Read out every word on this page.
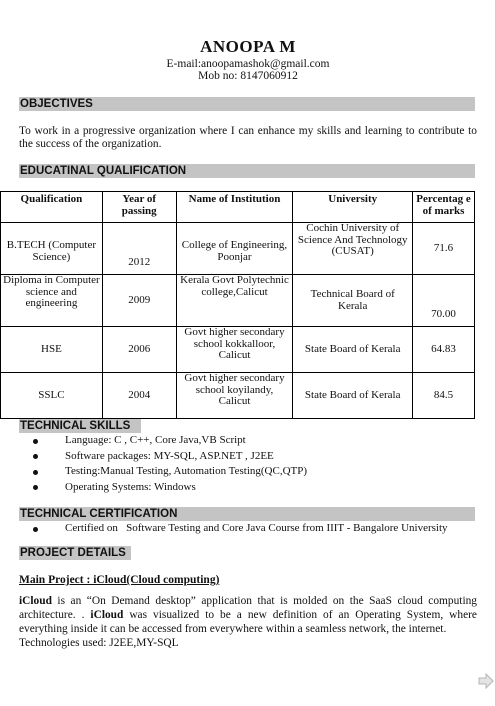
ANOOPA M
E-mail:anoopamashok@gmail.com
Mob no: 8147060912
OBJECTIVES
To work in a progressive organization where I can enhance my skills and learning to contribute to the success of the organization.
EDUCATINAL QUALIFICATION
Qualification	Year of passing	Name of Institution	University	Percentag e of marks
B.TECH (Computer Science)	2012	College of Engineering, Poonjar	Cochin University of Science And Technology (CUSAT)	71.6
Diploma in Computer science and engineering	2009	Kerala Govt Polytechnic college,Calicut	Technical Board of Kerala	70.00
HSE	2006	Govt higher secondary school kokkalloor, Calicut	State Board of Kerala	64.83
SSLC	2004	Govt higher secondary school koyilandy, Calicut	State Board of Kerala	84.5
TECHNICAL SKILLS
Language: C , C++, Core Java,VB Script
Software packages: MY-SQL, ASP.NET , J2EE
Testing:Manual Testing, Automation Testing(QC,QTP)
Operating Systems: Windows
TECHNICAL CERTIFICATION
Certified on   Software Testing and Core Java Course from IIIT - Bangalore University
PROJECT DETAILS
Main Project : iCloud(Cloud computing)
iCloud is an “On Demand desktop” application that is molded on the SaaS cloud computing architecture. . iCloud was visualized to be a new definition of an Operating System, where everything inside it can be accessed from everywhere within a seamless network, the internet.
Technologies used: J2EE,MY-SQL
